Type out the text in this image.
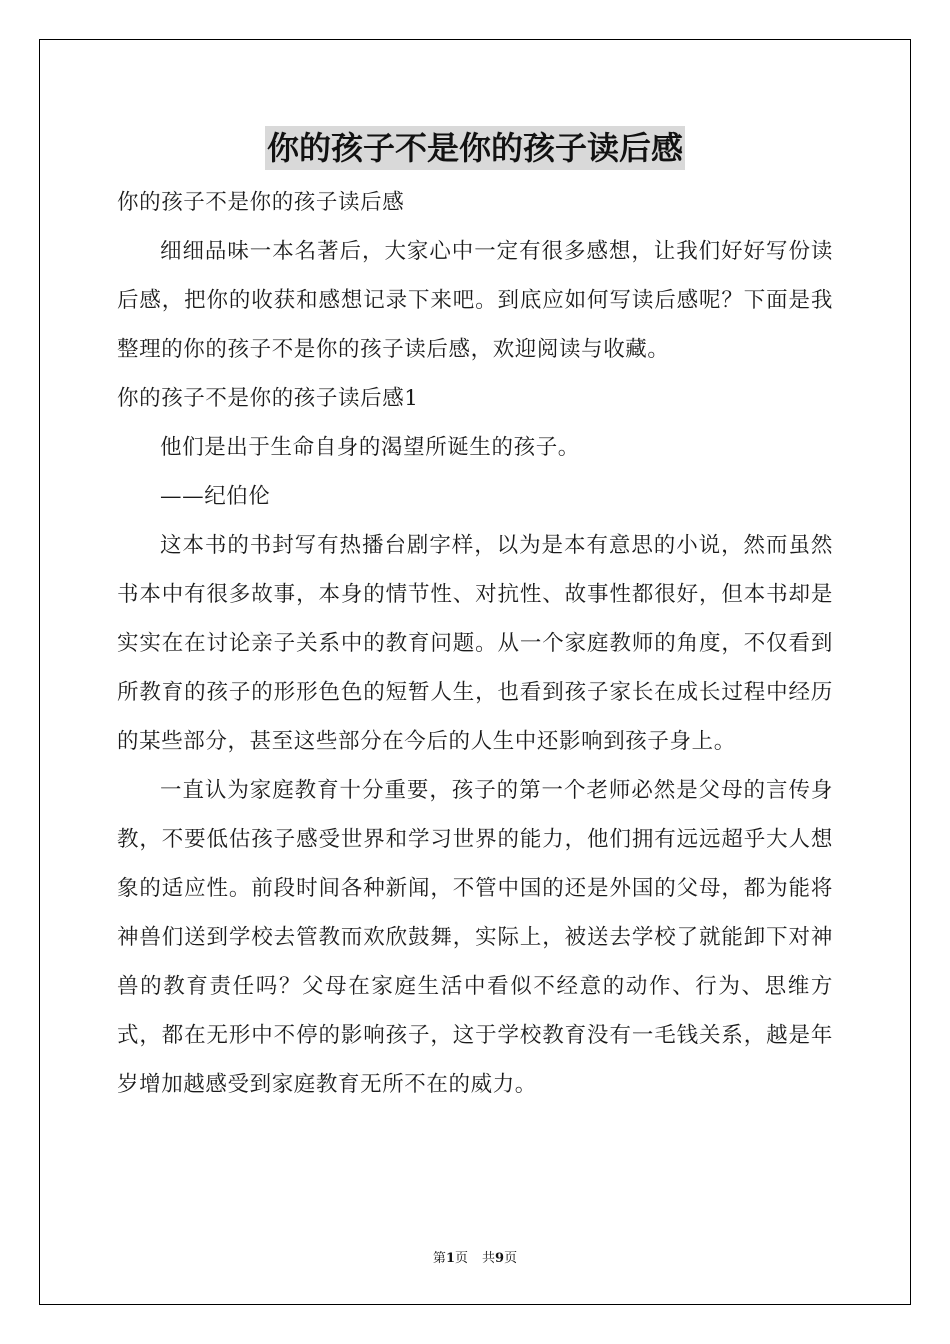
你的孩子不是你的孩子读后感

你的孩子不是你的孩子读后感

细细品味一本名著后，大家心中一定有很多感想，让我们好好写份读后感，把你的收获和感想记录下来吧。到底应如何写读后感呢？下面是我整理的你的孩子不是你的孩子读后感，欢迎阅读与收藏。

你的孩子不是你的孩子读后感1

他们是出于生命自身的渴望所诞生的孩子。

——纪伯伦

这本书的书封写有热播台剧字样，以为是本有意思的小说，然而虽然书本中有很多故事，本身的情节性、对抗性、故事性都很好，但本书却是实实在在讨论亲子关系中的教育问题。从一个家庭教师的角度，不仅看到所教育的孩子的形形色色的短暂人生，也看到孩子家长在成长过程中经历的某些部分，甚至这些部分在今后的人生中还影响到孩子身上。

一直认为家庭教育十分重要，孩子的第一个老师必然是父母的言传身教，不要低估孩子感受世界和学习世界的能力，他们拥有远远超乎大人想象的适应性。前段时间各种新闻，不管中国的还是外国的父母，都为能将神兽们送到学校去管教而欢欣鼓舞，实际上，被送去学校了就能卸下对神兽的教育责任吗？父母在家庭生活中看似不经意的动作、行为、思维方式，都在无形中不停的影响孩子，这于学校教育没有一毛钱关系，越是年岁增加越感受到家庭教育无所不在的威力。

第1页 共9页
